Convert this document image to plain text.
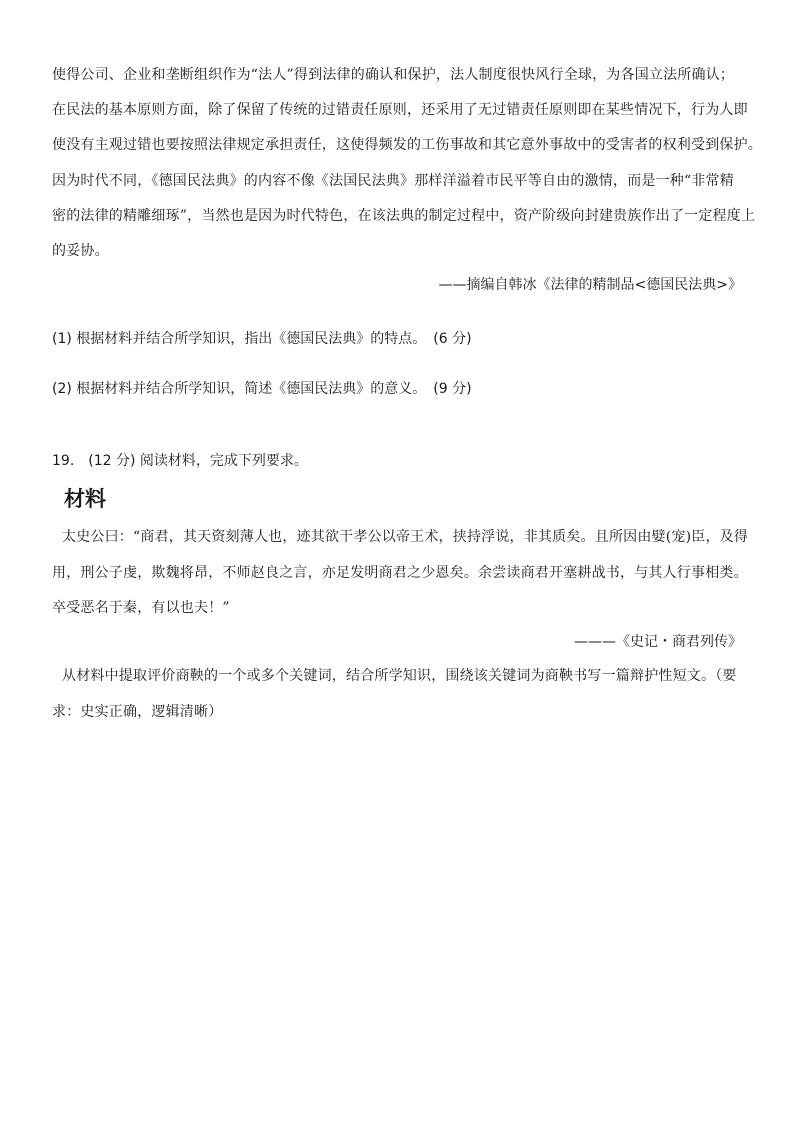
使得公司、企业和垄断组织作为“法人”得到法律的确认和保护，法人制度很快风行全球，为各国立法所确认；
在民法的基本原则方面，除了保留了传统的过错责任原则，还采用了无过错责任原则即在某些情况下，行为人即
使没有主观过错也要按照法律规定承担责任，这使得频发的工伤事故和其它意外事故中的受害者的权利受到保护。
因为时代不同，《德国民法典》的内容不像《法国民法典》那样洋溢着市民平等自由的激情，而是一种“非常精
密的法律的精雕细琢”，当然也是因为时代特色，在该法典的制定过程中，资产阶级向封建贵族作出了一定程度上
的妥协。
——摘编自韩冰《法律的精制品<德国民法典>》
(1) 根据材料并结合所学知识，指出《德国民法典》的特点。　(6 分)
(2) 根据材料并结合所学知识，简述《德国民法典》的意义。　(9 分)
19.　(12 分) 阅读材料，完成下列要求。
材料
太史公曰：“商君，其天资刻薄人也，迹其欲干孝公以帝王术，挟持浮说，非其质矣。且所因由嬖(宠)臣，及得
用，刑公子虔，欺魏将昂，不师赵良之言，亦足发明商君之少恩矣。余尝读商君开塞耕战书，与其人行事相类。
卒受恶名于秦，有以也夫！”
———《史记・商君列传》
从材料中提取评价商鞅的一个或多个关键词，结合所学知识，围绕该关键词为商鞅书写一篇辩护性短文。（要
求：史实正确，逻辑清晰）
